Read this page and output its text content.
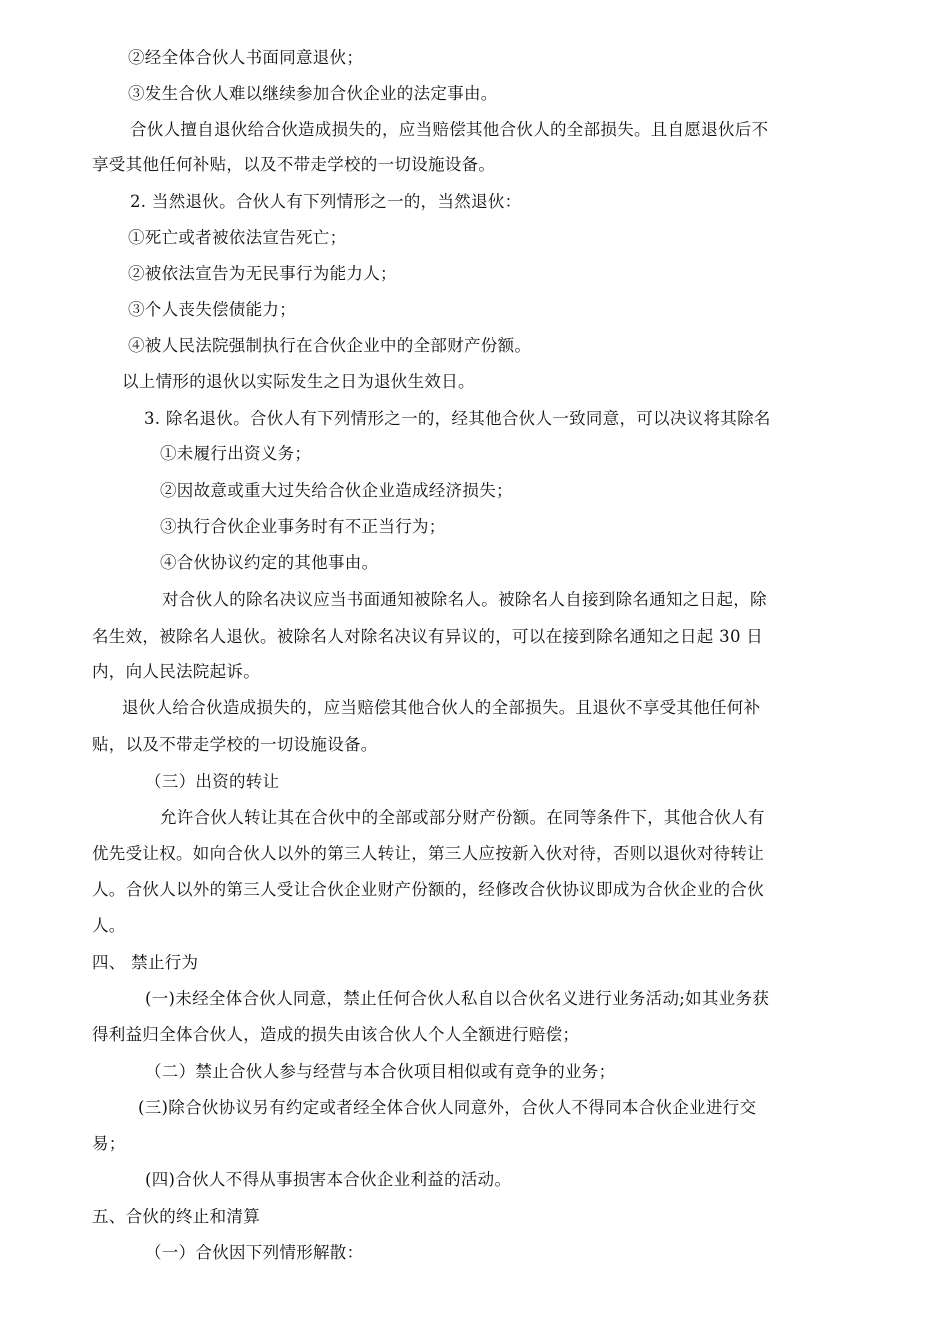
②经全体合伙人书面同意退伙；
③发生合伙人难以继续参加合伙企业的法定事由。
合伙人擅自退伙给合伙造成损失的，应当赔偿其他合伙人的全部损失。且自愿退伙后不
享受其他任何补贴，以及不带走学校的一切设施设备。
2. 当然退伙。合伙人有下列情形之一的，当然退伙：
①死亡或者被依法宣告死亡；
②被依法宣告为无民事行为能力人；
③个人丧失偿债能力；
④被人民法院强制执行在合伙企业中的全部财产份额。
以上情形的退伙以实际发生之日为退伙生效日。
3. 除名退伙。合伙人有下列情形之一的，经其他合伙人一致同意，可以决议将其除名
①未履行出资义务；
②因故意或重大过失给合伙企业造成经济损失；
③执行合伙企业事务时有不正当行为；
④合伙协议约定的其他事由。
对合伙人的除名决议应当书面通知被除名人。被除名人自接到除名通知之日起，除
名生效，被除名人退伙。被除名人对除名决议有异议的，可以在接到除名通知之日起 30 日
内，向人民法院起诉。
退伙人给合伙造成损失的，应当赔偿其他合伙人的全部损失。且退伙不享受其他任何补
贴，以及不带走学校的一切设施设备。
（三）出资的转让
允许合伙人转让其在合伙中的全部或部分财产份额。在同等条件下，其他合伙人有
优先受让权。如向合伙人以外的第三人转让，第三人应按新入伙对待，否则以退伙对待转让
人。合伙人以外的第三人受让合伙企业财产份额的，经修改合伙协议即成为合伙企业的合伙
人。
四、 禁止行为
(一)未经全体合伙人同意，禁止任何合伙人私自以合伙名义进行业务活动;如其业务获
得利益归全体合伙人，造成的损失由该合伙人个人全额进行赔偿；
（二）禁止合伙人参与经营与本合伙项目相似或有竞争的业务；
(三)除合伙协议另有约定或者经全体合伙人同意外，合伙人不得同本合伙企业进行交
易；
(四)合伙人不得从事损害本合伙企业利益的活动。
五、合伙的终止和清算
（一）合伙因下列情形解散：
